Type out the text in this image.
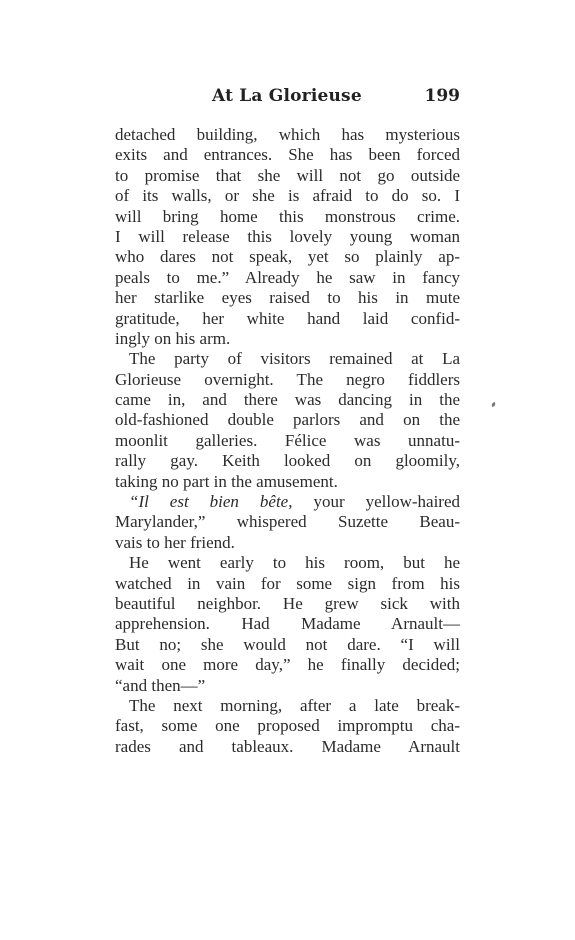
At La Glorieuse	199
detached building, which has mysterious
exits and entrances. She has been forced
to promise that she will not go outside
of its walls, or she is afraid to do so. I
will bring home this monstrous crime.
I will release this lovely young woman
who dares not speak, yet so plainly ap-
peals to me.” Already he saw in fancy
her starlike eyes raised to his in mute
gratitude, her white hand laid confid-
ingly on his arm.
The party of visitors remained at La
Glorieuse overnight. The negro fiddlers
came in, and there was dancing in the
old-fashioned double parlors and on the
moonlit galleries. Félice was unnatu-
rally gay. Keith looked on gloomily,
taking no part in the amusement.
“Il est bien bête, your yellow-haired
Marylander,” whispered Suzette Beau-
vais to her friend.
He went early to his room, but he
watched in vain for some sign from his
beautiful neighbor. He grew sick with
apprehension. Had Madame Arnault—
But no; she would not dare. “I will
wait one more day,” he finally decided;
“and then—”
The next morning, after a late break-
fast, some one proposed impromptu cha-
rades and tableaux. Madame Arnault
